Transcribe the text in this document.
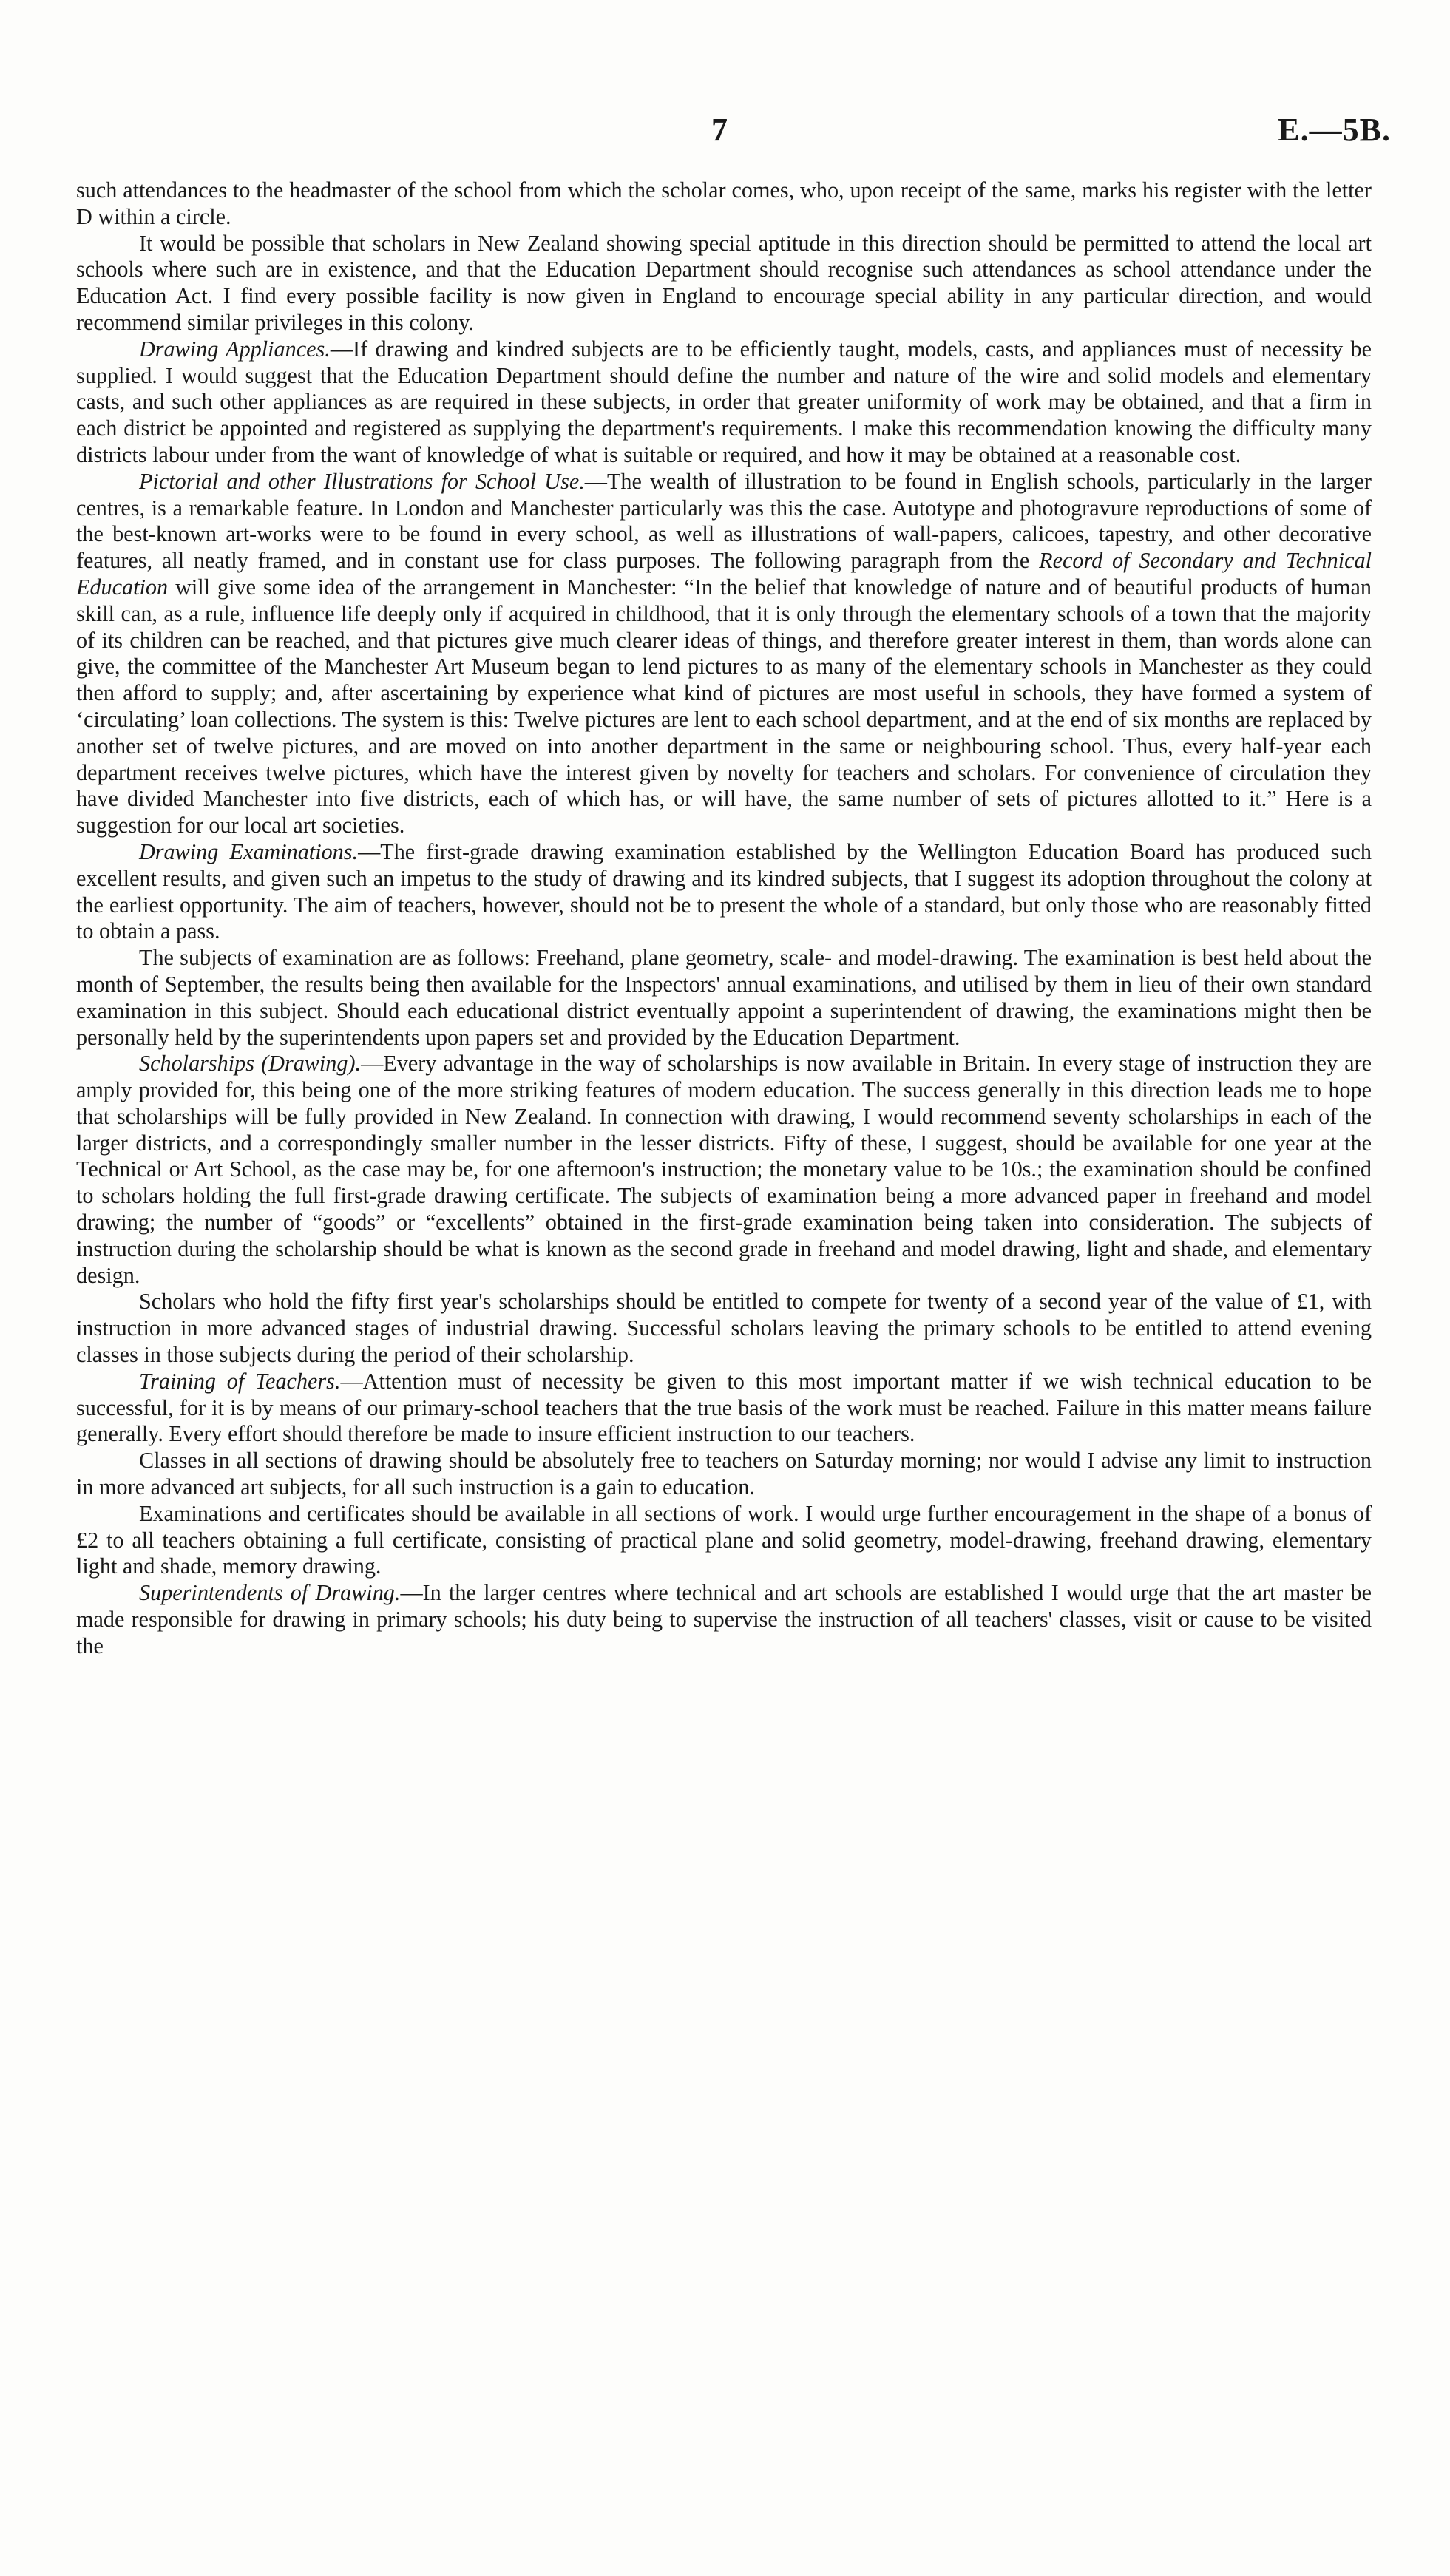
7	E.—5B.

such attendances to the headmaster of the school from which the scholar comes, who, upon receipt of the same, marks his register with the letter D within a circle.

It would be possible that scholars in New Zealand showing special aptitude in this direction should be permitted to attend the local art schools where such are in existence, and that the Education Department should recognise such attendances as school attendance under the Education Act. I find every possible facility is now given in England to encourage special ability in any particular direction, and would recommend similar privileges in this colony.

Drawing Appliances.—If drawing and kindred subjects are to be efficiently taught, models, casts, and appliances must of necessity be supplied. I would suggest that the Education Department should define the number and nature of the wire and solid models and elementary casts, and such other appliances as are required in these subjects, in order that greater uniformity of work may be obtained, and that a firm in each district be appointed and registered as supplying the department's requirements. I make this recommendation knowing the difficulty many districts labour under from the want of knowledge of what is suitable or required, and how it may be obtained at a reasonable cost.

Pictorial and other Illustrations for School Use.—The wealth of illustration to be found in English schools, particularly in the larger centres, is a remarkable feature. In London and Manchester particularly was this the case. Autotype and photogravure reproductions of some of the best-known art-works were to be found in every school, as well as illustrations of wall-papers, calicoes, tapestry, and other decorative features, all neatly framed, and in constant use for class purposes. The following paragraph from the Record of Secondary and Technical Education will give some idea of the arrangement in Manchester: “In the belief that knowledge of nature and of beautiful products of human skill can, as a rule, influence life deeply only if acquired in childhood, that it is only through the elementary schools of a town that the majority of its children can be reached, and that pictures give much clearer ideas of things, and therefore greater interest in them, than words alone can give, the committee of the Manchester Art Museum began to lend pictures to as many of the elementary schools in Manchester as they could then afford to supply; and, after ascertaining by experience what kind of pictures are most useful in schools, they have formed a system of ‘circulating’ loan collections. The system is this: Twelve pictures are lent to each school department, and at the end of six months are replaced by another set of twelve pictures, and are moved on into another department in the same or neighbouring school. Thus, every half-year each department receives twelve pictures, which have the interest given by novelty for teachers and scholars. For convenience of circulation they have divided Manchester into five districts, each of which has, or will have, the same number of sets of pictures allotted to it.” Here is a suggestion for our local art societies.

Drawing Examinations.—The first-grade drawing examination established by the Wellington Education Board has produced such excellent results, and given such an impetus to the study of drawing and its kindred subjects, that I suggest its adoption throughout the colony at the earliest opportunity. The aim of teachers, however, should not be to present the whole of a standard, but only those who are reasonably fitted to obtain a pass.

The subjects of examination are as follows: Freehand, plane geometry, scale- and model-drawing. The examination is best held about the month of September, the results being then available for the Inspectors' annual examinations, and utilised by them in lieu of their own standard examination in this subject. Should each educational district eventually appoint a superintendent of drawing, the examinations might then be personally held by the superintendents upon papers set and provided by the Education Department.

Scholarships (Drawing).—Every advantage in the way of scholarships is now available in Britain. In every stage of instruction they are amply provided for, this being one of the more striking features of modern education. The success generally in this direction leads me to hope that scholarships will be fully provided in New Zealand. In connection with drawing, I would recommend seventy scholarships in each of the larger districts, and a correspondingly smaller number in the lesser districts. Fifty of these, I suggest, should be available for one year at the Technical or Art School, as the case may be, for one afternoon's instruction; the monetary value to be 10s.; the examination should be confined to scholars holding the full first-grade drawing certificate. The subjects of examination being a more advanced paper in freehand and model drawing; the number of “goods” or “excellents” obtained in the first-grade examination being taken into consideration. The subjects of instruction during the scholarship should be what is known as the second grade in freehand and model drawing, light and shade, and elementary design.

Scholars who hold the fifty first year's scholarships should be entitled to compete for twenty of a second year of the value of £1, with instruction in more advanced stages of industrial drawing. Successful scholars leaving the primary schools to be entitled to attend evening classes in those subjects during the period of their scholarship.

Training of Teachers.—Attention must of necessity be given to this most important matter if we wish technical education to be successful, for it is by means of our primary-school teachers that the true basis of the work must be reached. Failure in this matter means failure generally. Every effort should therefore be made to insure efficient instruction to our teachers.

Classes in all sections of drawing should be absolutely free to teachers on Saturday morning; nor would I advise any limit to instruction in more advanced art subjects, for all such instruction is a gain to education.

Examinations and certificates should be available in all sections of work. I would urge further encouragement in the shape of a bonus of £2 to all teachers obtaining a full certificate, consisting of practical plane and solid geometry, model-drawing, freehand drawing, elementary light and shade, memory drawing.

Superintendents of Drawing.—In the larger centres where technical and art schools are established I would urge that the art master be made responsible for drawing in primary schools; his duty being to supervise the instruction of all teachers' classes, visit or cause to be visited the
